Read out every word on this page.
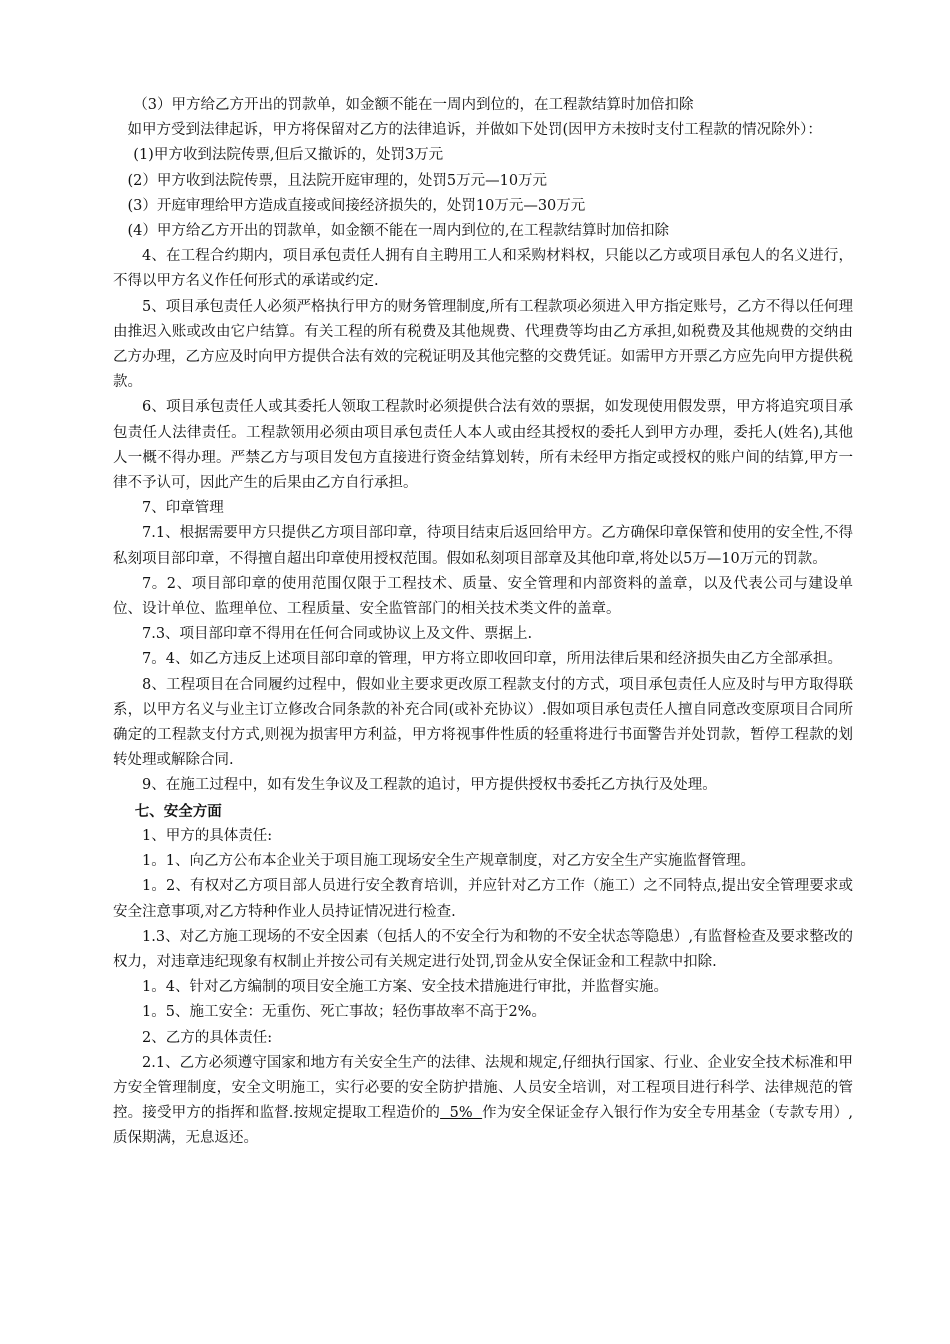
（3）甲方给乙方开出的罚款单，如金额不能在一周内到位的，在工程款结算时加倍扣除

如甲方受到法律起诉，甲方将保留对乙方的法律追诉，并做如下处罚(因甲方未按时支付工程款的情况除外）：

(1)甲方收到法院传票,但后又撤诉的，处罚3万元

(2）甲方收到法院传票，且法院开庭审理的，处罚5万元—10万元

(3）开庭审理给甲方造成直接或间接经济损失的，处罚10万元—30万元

(4）甲方给乙方开出的罚款单，如金额不能在一周内到位的,在工程款结算时加倍扣除

4、在工程合约期内，项目承包责任人拥有自主聘用工人和采购材料权，只能以乙方或项目承包人的名义进行，不得以甲方名义作任何形式的承诺或约定.

5、项目承包责任人必须严格执行甲方的财务管理制度,所有工程款项必须进入甲方指定账号，乙方不得以任何理由推迟入账或改由它户结算。有关工程的所有税费及其他规费、代理费等均由乙方承担,如税费及其他规费的交纳由乙方办理，乙方应及时向甲方提供合法有效的完税证明及其他完整的交费凭证。如需甲方开票乙方应先向甲方提供税款。

6、项目承包责任人或其委托人领取工程款时必须提供合法有效的票据，如发现使用假发票，甲方将追究项目承包责任人法律责任。工程款领用必须由项目承包责任人本人或由经其授权的委托人到甲方办理，委托人(姓名),其他人一概不得办理。严禁乙方与项目发包方直接进行资金结算划转，所有未经甲方指定或授权的账户间的结算,甲方一律不予认可，因此产生的后果由乙方自行承担。

7、印章管理

7.1、根据需要甲方只提供乙方项目部印章，待项目结束后返回给甲方。乙方确保印章保管和使用的安全性,不得私刻项目部印章，不得擅自超出印章使用授权范围。假如私刻项目部章及其他印章,将处以5万—10万元的罚款。

7。2、项目部印章的使用范围仅限于工程技术、质量、安全管理和内部资料的盖章，以及代表公司与建设单位、设计单位、监理单位、工程质量、安全监管部门的相关技术类文件的盖章。

7.3、项目部印章不得用在任何合同或协议上及文件、票据上.

7。4、如乙方违反上述项目部印章的管理，甲方将立即收回印章，所用法律后果和经济损失由乙方全部承担。

8、工程项目在合同履约过程中，假如业主要求更改原工程款支付的方式，项目承包责任人应及时与甲方取得联系，以甲方名义与业主订立修改合同条款的补充合同(或补充协议）.假如项目承包责任人擅自同意改变原项目合同所确定的工程款支付方式,则视为损害甲方利益，甲方将视事件性质的轻重将进行书面警告并处罚款，暂停工程款的划转处理或解除合同.

9、在施工过程中，如有发生争议及工程款的追讨，甲方提供授权书委托乙方执行及处理。

七、安全方面

1、甲方的具体责任:

1。1、向乙方公布本企业关于项目施工现场安全生产规章制度，对乙方安全生产实施监督管理。

1。2、有权对乙方项目部人员进行安全教育培训，并应针对乙方工作（施工）之不同特点,提出安全管理要求或安全注意事项,对乙方特种作业人员持证情况进行检查.

1.3、对乙方施工现场的不安全因素（包括人的不安全行为和物的不安全状态等隐患）,有监督检查及要求整改的权力，对违章违纪现象有权制止并按公司有关规定进行处罚,罚金从安全保证金和工程款中扣除.

1。4、针对乙方编制的项目安全施工方案、安全技术措施进行审批，并监督实施。

1。5、施工安全：无重伤、死亡事故；轻伤事故率不高于2%。

2、乙方的具体责任:

2.1、乙方必须遵守国家和地方有关安全生产的法律、法规和规定,仔细执行国家、行业、企业安全技术标准和甲方安全管理制度，安全文明施工，实行必要的安全防护措施、人员安全培训，对工程项目进行科学、法律规范的管控。接受甲方的指挥和监督.按规定提取工程造价的  5%  作为安全保证金存入银行作为安全专用基金（专款专用）,质保期满，无息返还。
